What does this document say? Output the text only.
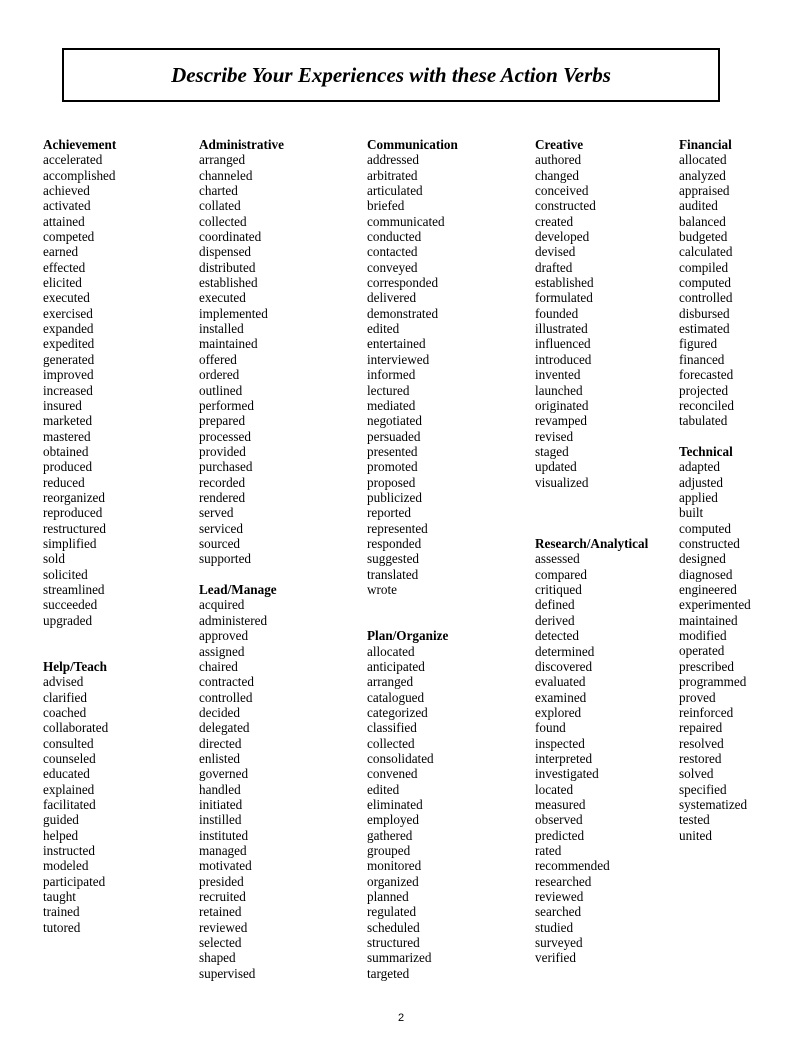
Describe Your Experiences with these Action Verbs
Achievement
accelerated
accomplished
achieved
activated
attained
competed
earned
effected
elicited
executed
exercised
expanded
expedited
generated
improved
increased
insured
marketed
mastered
obtained
produced
reduced
reorganized
reproduced
restructured
simplified
sold
solicited
streamlined
succeeded
upgraded
Help/Teach
advised
clarified
coached
collaborated
consulted
counseled
educated
explained
facilitated
guided
helped
instructed
modeled
participated
taught
trained
tutored
Administrative
arranged
channeled
charted
collated
collected
coordinated
dispensed
distributed
established
executed
implemented
installed
maintained
offered
ordered
outlined
performed
prepared
processed
provided
purchased
recorded
rendered
served
serviced
sourced
supported
Lead/Manage
acquired
administered
approved
assigned
chaired
contracted
controlled
decided
delegated
directed
enlisted
governed
handled
initiated
instilled
instituted
managed
motivated
presided
recruited
retained
reviewed
selected
shaped
supervised
Communication
addressed
arbitrated
articulated
briefed
communicated
conducted
contacted
conveyed
corresponded
delivered
demonstrated
edited
entertained
interviewed
informed
lectured
mediated
negotiated
persuaded
presented
promoted
proposed
publicized
reported
represented
responded
suggested
translated
wrote
Plan/Organize
allocated
anticipated
arranged
catalogued
categorized
classified
collected
consolidated
convened
edited
eliminated
employed
gathered
grouped
monitored
organized
planned
regulated
scheduled
structured
summarized
targeted
Creative
authored
changed
conceived
constructed
created
developed
devised
drafted
established
formulated
founded
illustrated
influenced
introduced
invented
launched
originated
revamped
revised
staged
updated
visualized
Research/Analytical
assessed
compared
critiqued
defined
derived
detected
determined
discovered
evaluated
examined
explored
found
inspected
interpreted
investigated
located
measured
observed
predicted
rated
recommended
researched
reviewed
searched
studied
surveyed
verified
Financial
allocated
analyzed
appraised
audited
balanced
budgeted
calculated
compiled
computed
controlled
disbursed
estimated
figured
financed
forecasted
projected
reconciled
tabulated
Technical
adapted
adjusted
applied
built
computed
constructed
designed
diagnosed
engineered
experimented
maintained
modified
operated
prescribed
programmed
proved
reinforced
repaired
resolved
restored
solved
specified
systematized
tested
united
2
